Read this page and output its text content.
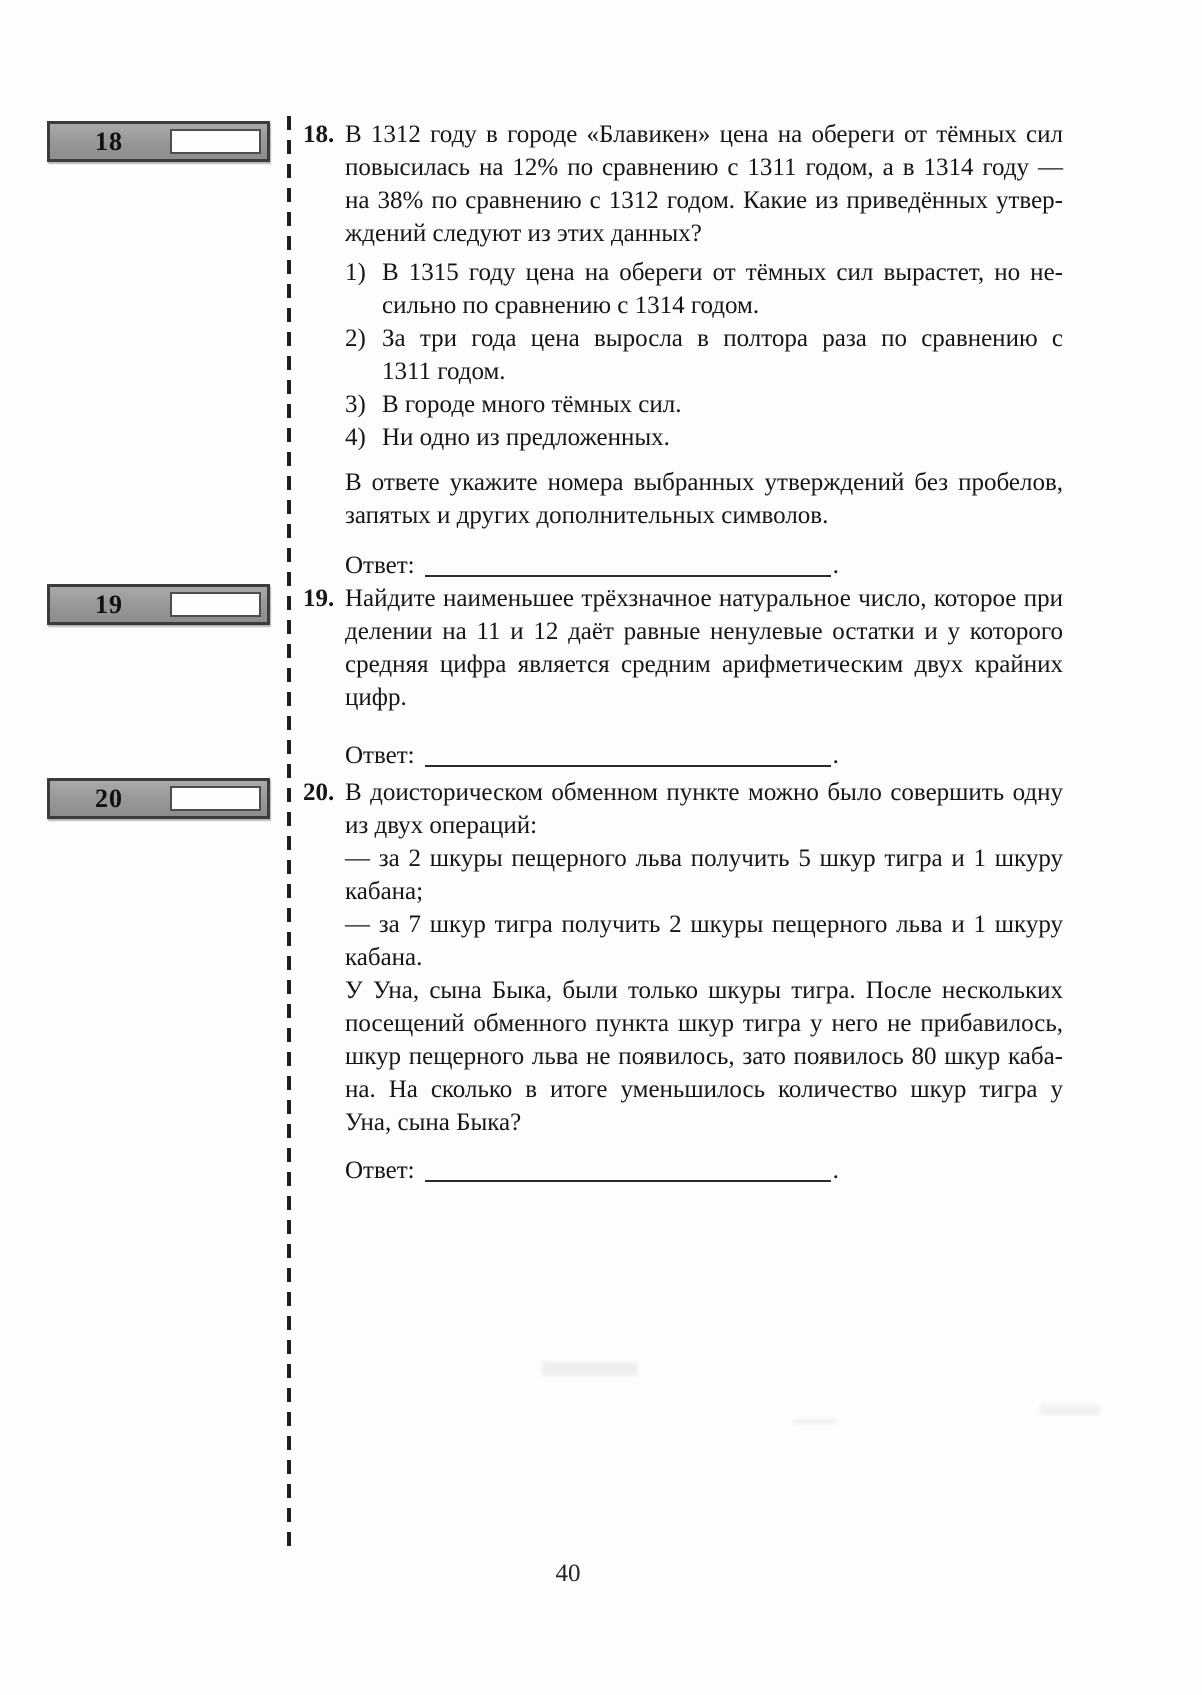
18
19
20
18. В 1312 году в городе «Блавикен» цена на обереги от тёмных сил
повысилась на 12% по сравнению с 1311 годом, а в 1314 году —
на 38% по сравнению с 1312 годом. Какие из приведённых утвер-
ждений следуют из этих данных?
1) В 1315 году цена на обереги от тёмных сил вырастет, но не-
сильно по сравнению с 1314 годом.
2) За три года цена выросла в полтора раза по сравнению с
1311 годом.
3) В городе много тёмных сил.
4) Ни одно из предложенных.
В ответе укажите номера выбранных утверждений без пробелов,
запятых и других дополнительных символов.
Ответ:	.
19. Найдите наименьшее трёхзначное натуральное число, которое при
делении на 11 и 12 даёт равные ненулевые остатки и у которого
средняя цифра является средним арифметическим двух крайних
цифр.
Ответ:	.
20. В доисторическом обменном пункте можно было совершить одну
из двух операций:
— за 2 шкуры пещерного льва получить 5 шкур тигра и 1 шкуру
кабана;
— за 7 шкур тигра получить 2 шкуры пещерного льва и 1 шкуру
кабана.
У Уна, сына Быка, были только шкуры тигра. После нескольких
посещений обменного пункта шкур тигра у него не прибавилось,
шкур пещерного льва не появилось, зато появилось 80 шкур каба-
на. На сколько в итоге уменьшилось количество шкур тигра у
Уна, сына Быка?
Ответ:	.
40
